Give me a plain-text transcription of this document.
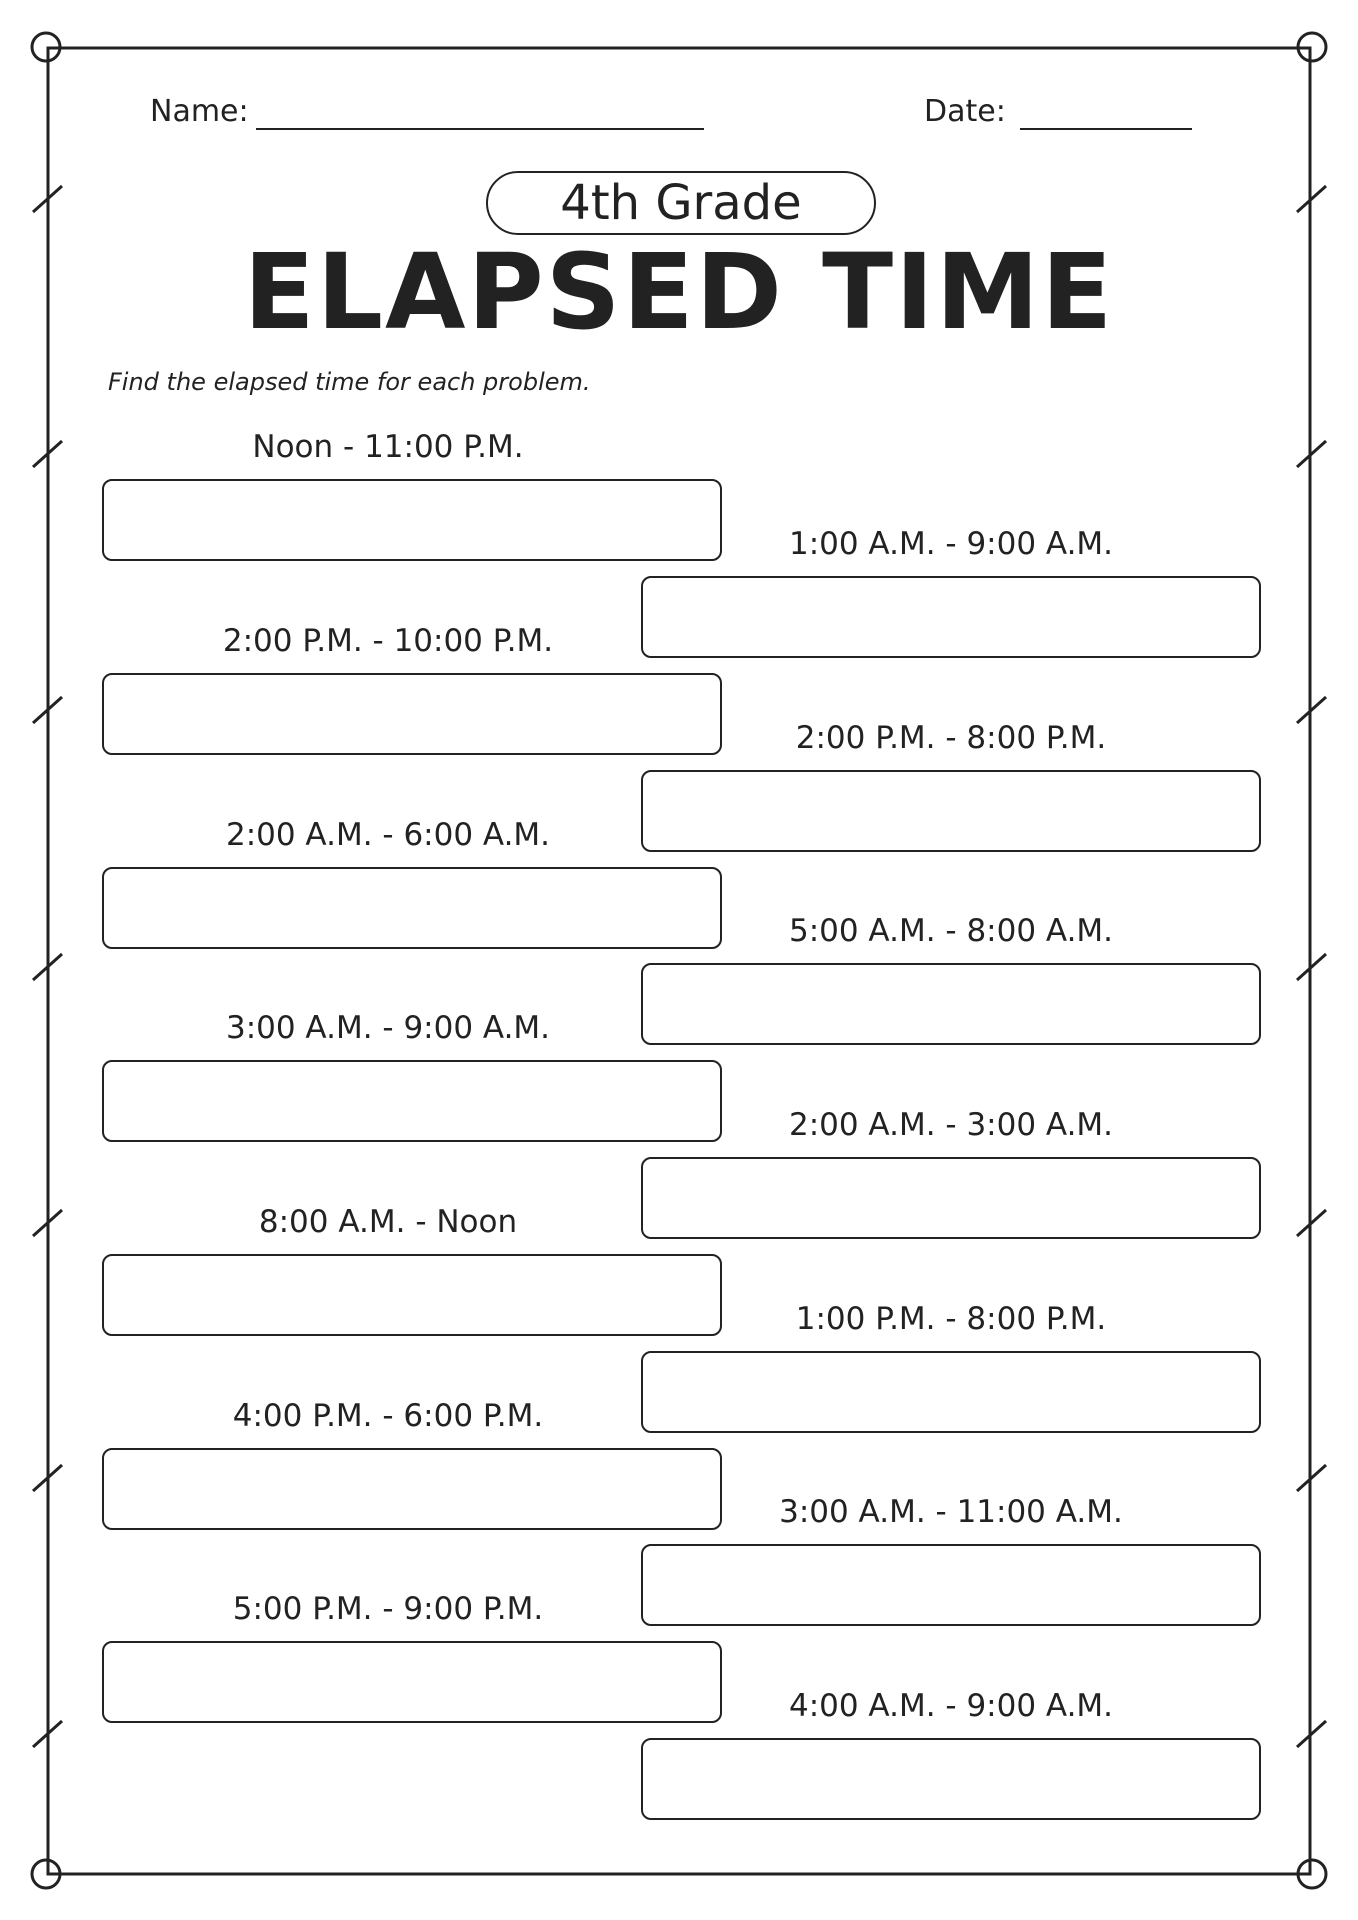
Name:	Date:
4th Grade
ELAPSED TIME
Find the elapsed time for each problem.
Noon - 11:00 P.M.
2:00 P.M. - 10:00 P.M.
2:00 A.M. - 6:00 A.M.
3:00 A.M. - 9:00 A.M.
8:00 A.M. - Noon
4:00 P.M. - 6:00 P.M.
5:00 P.M. - 9:00 P.M.
1:00 A.M. - 9:00 A.M.
2:00 P.M. - 8:00 P.M.
5:00 A.M. - 8:00 A.M.
2:00 A.M. - 3:00 A.M.
1:00 P.M. - 8:00 P.M.
3:00 A.M. - 11:00 A.M.
4:00 A.M. - 9:00 A.M.
